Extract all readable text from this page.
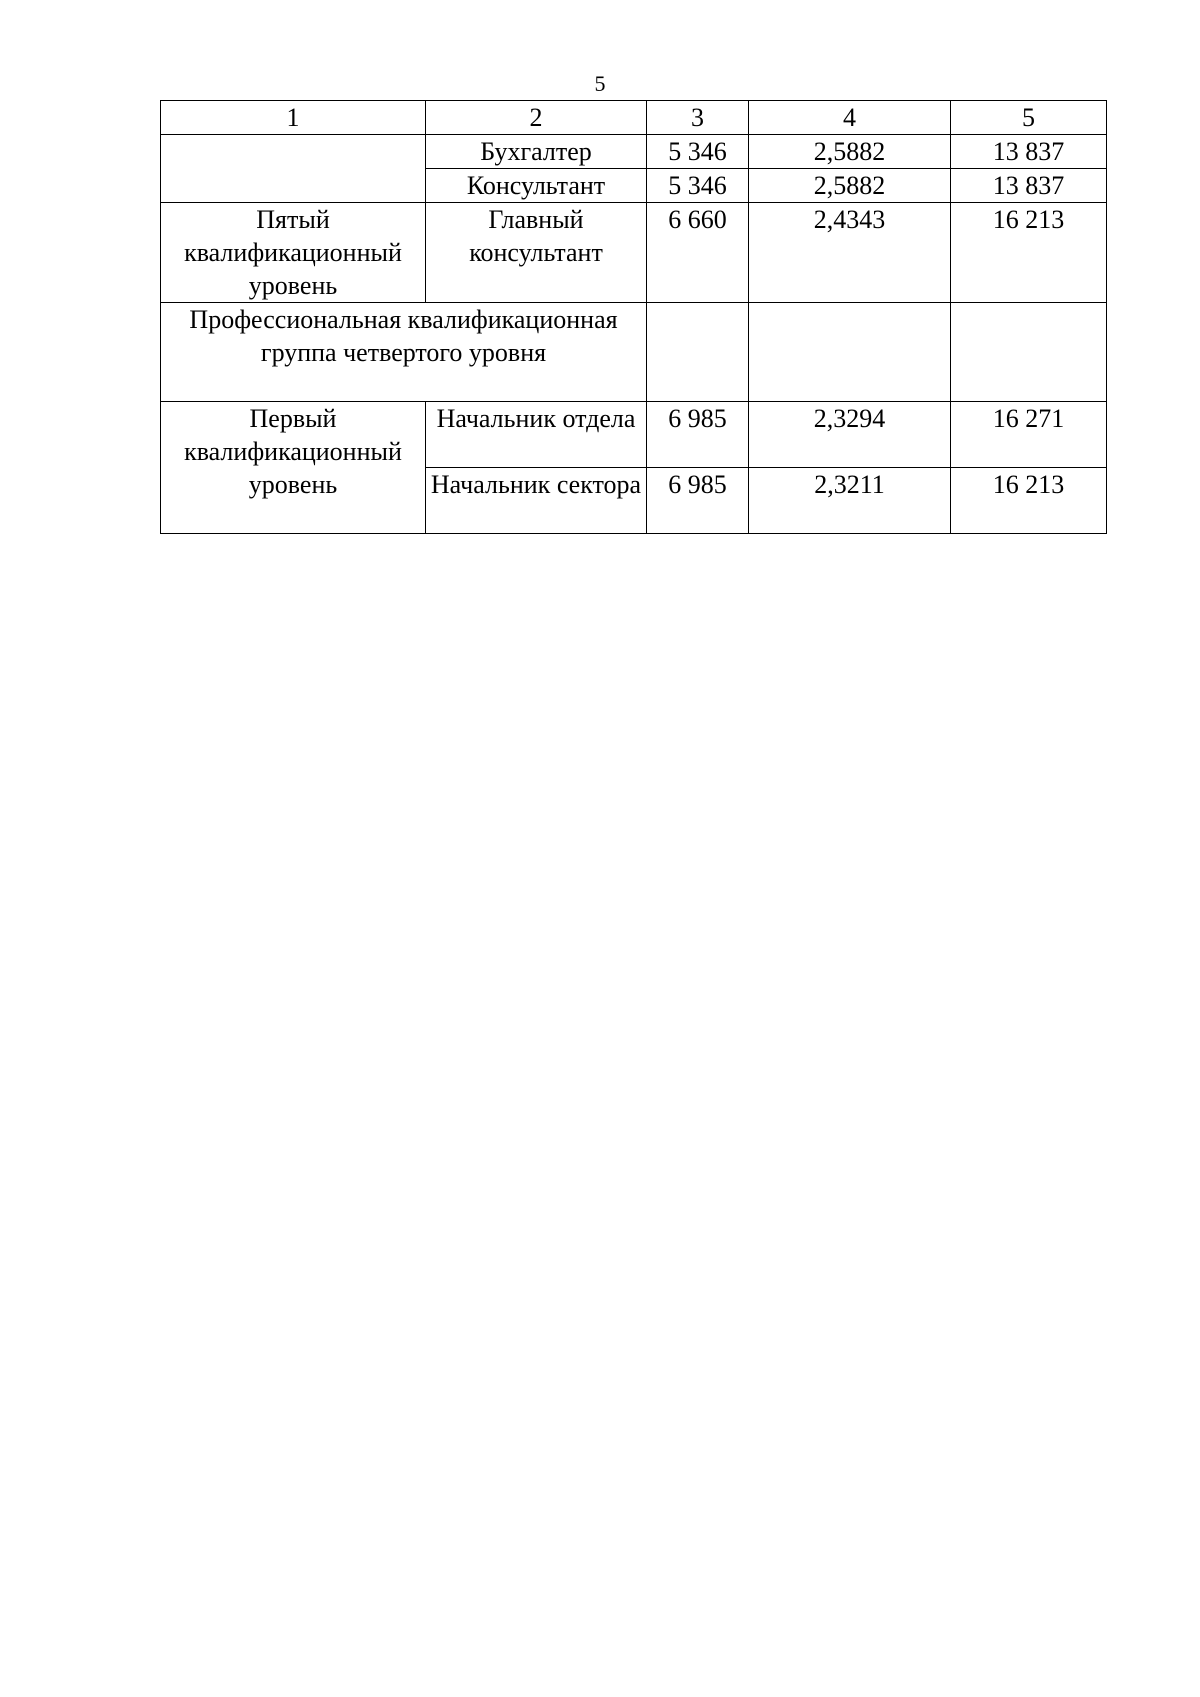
5
1	2	3	4	5
	Бухгалтер	5 346	2,5882	13 837
	Консультант	5 346	2,5882	13 837
Пятый квалификационный уровень	Главный консультант	6 660	2,4343	16 213
Профессиональная квалификационная группа четвертого уровня				
Первый квалификационный уровень	Начальник отдела	6 985	2,3294	16 271
	Начальник сектора	6 985	2,3211	16 213
